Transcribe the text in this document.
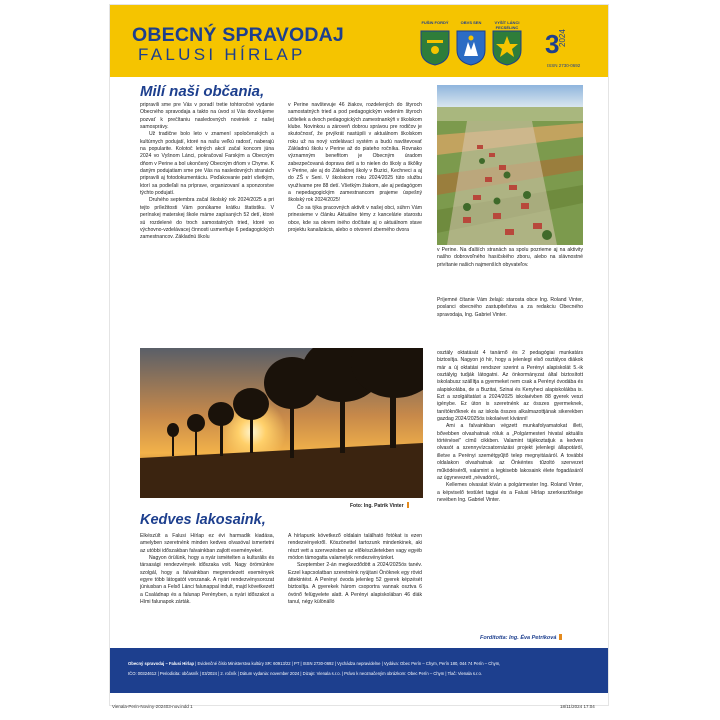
OBECNÝ SPRAVODAJ
FALUSI HÍRLAP
FUŠIN FORDÝ	OBVS SEN	VYŠÍT LÁNCI FECSÉLINC
3
2024
ISSN 2730-0692
Milí naši občania,

pripravili sme pre Vás v poradí tretie tohtoročné vydanie Obecného spravodaja a takto na úvod si Vás dovoľujeme pozvať k prečítaniu nasledovných noviniek z našej samosprávy.

Už tradične bolo leto v znamení spoločenských a kultúrnych podujatí, ktoré na našu veľkú radosť, naberajú na popularite. Kolotoč letných akcií začal koncom júna 2024 vo Vyšnom Lánci, pokračoval Farským a Obecným dňom v Perine a bol ukončený Obecným dňom v Chyme. K daným podujatiam sme pre Vás na nasledovných stranách pripravili aj fotodokumentáciu. Poďakovanie patrí všetkým, ktorí sa podieľali na príprave, organizovaní a sponzorstve týchto podujatí.

Druhého septembra začal školský rok 2024/2025 a pri tejto príležitosti Vám ponúkame krátku štatistiku. V perínskej materskej škole máme zapísaných 52 detí, ktoré sú rozdelené do troch samostatných tried, ktoré vo výchovno-vzdelávacej činnosti usmerňuje 6 pedagogických zamestnancov. Základnú školu

v Perine navštevuje 46 žiakov, rozdelených do štyroch samostatných tried a pod pedagogickým vedením štyroch učiteliek a dvoch pedagogických zamestnankýň v školskom klube. Novinkou a zároveň dobrou správou pre rodičov je skutočnosť, že prvýkrát nastúpili v aktuálnom školskom roku už na nový vzdelávací systém a budú navštevovať Základnú školu v Perine až do piateho ročníka. Rovnako významným benefitom je Obecným úradom zabezpečovaná doprava detí a to nielen do školy a škôlky v Perine, ale aj do Základnej školy v Buzici, Kechneci a aj do ZŠ v Seni. V školskom roku 2024/2025 túto službu využívame pre 88 detí. Všetkým žiakom, ale aj pedagógom a nepedagogickým zamestnancom prajeme úspešný školský rok 2024/2025!

Čo sa týka pracovných aktivít v našej obci, súhrn Vám prinesieme v článku Aktuálne témy z kancelárie starostu obce, kde sa okrem iného dočítate aj o aktuálnom stave projektu kanalizácia, alebo o otvorení zberného dvora

v Perine. Na ďalších stranách sa spolu pozrieme aj na aktivity našho dobrovoľného hasičského zboru, alebo na slávnostné privítanie našich najmenších obyvateľov.

Príjemné čítanie Vám želajú: starosta obce Ing. Roland Vinter, poslanci obecného zastupiteľstva a za redakciu Obecného spravodaja, Ing. Gabriel Vinter.

Foto: Ing. Patrik Vinter
Kedves lakosaink,

Elkészült a Falusi Hírlap ez évi harmadik kiadása, amelyben szeretnénk minden kedves olvasóval ismertetni az utóbbi időszakban falvainkban zajlott eseményeket.

Nagyon örülünk, hogy a nyár ismételten a kulturális és társasági rendezvények időszaka volt. Nagy örömünkre szolgál, hogy a falvainkban megrendezett események egyre több látogatót vonzanak. A nyári rendezvénysorozat júniusban a Felső Lánci falunappal indult, majd következett a Családnap és a falunap Perényben, a nyári időszakot a Hími falunapok zárták.

A hírlapunk következő oldalain található fotókat is ezen rendezvényekről. Köszönettel tartozunk mindenkinek, aki részt vett a szervezésben az előkészületekben vagy egyéb módon támogatta valamelyik rendezvényünket.

Szeptember 2-án megkezdődött a 2024/2025ös tanév. Ezzel kapcsolatban szeretnénk nyújtani Önöknek egy rövid áttekintést. A Perényi óvoda jelenleg 52 gyerek képzését biztosítja. A gyerekek három csoportra vannak osztva 6 óvónő felügyelete alatt. A Perényi alapiskolában 46 diák tanul, négy különálló

osztály oktatását 4 tanárnő és 2 pedagógiai munkatárs biztosítja. Nagyon jó hír, hogy a jelenlegi első osztályos diákok már a új oktatási rendszer szerint a Perényi alapiskolát 5.-ik osztályig tudják látogatni. Az önkormányzat által biztosított iskolabusz szállítja a gyermeket nem csak a Perényi óvodába és alapiskolába, de a Buzitai, Szinai és Kenyheci alapiskolákba is. Ezt a szolgáltatást a 2024/2025 iskolaévben 88 gyerek veszi igénybe. Ez úton is szeretnénk az összes gyermeknek, tanítóknőknek és az iskola összes alkalmazottjának sikerekben gazdag 2024/2025ös iskolaévet kívánni!

Ami a falvainkban végzett munkafolyamatokat illeti, bővebben olvashatnak róluk a „Polgármesteri hivatal aktuális történései" című cikkben. Valamint tájékoztatjuk a kedves olvasót a szennyvízcsatornázási projekt jelenlegi állapotáról, illetve a Perényi szemétgyűjtő telep megnyitásáról. A további oldalakon olvashatnak az Önkéntes tűzoltó szervezet működéséről, valamint a legkisebb lakosaink élete fogadásáról az úgynevezett „névadóról„.

Kellemes olvasást kíván a polgármester Ing. Roland Vinter, a képviselő testület tagjai és a Falusi Hírlap szerkesztősége nevében Ing. Gabriel Vinter.

Fordította: Ing. Éva Petríková
Obecný spravodaj – Falusi Hírlap | Evidenčné číslo Ministerstva kultúry SR: 60913/22 | PT | ISSN 2730-0692 | Vychádza nepravidelne | Vydáva: Obec Perín – Chym, Perín 180, 044 74 Perín – Chym,
IČO: 00324612 | Periodicita: občasník | 03/2024 | 2. ročník | Dátum vydania: november 2024 | Dizajn: Vienala s.r.o. | Právo k neoznačeným obrázkom: Obec Perín – Chym | Tlač: Vienala s.r.o.
Vienala-Perin-Noviny-202403-nov.indd 1	18/11/2024 17:04
